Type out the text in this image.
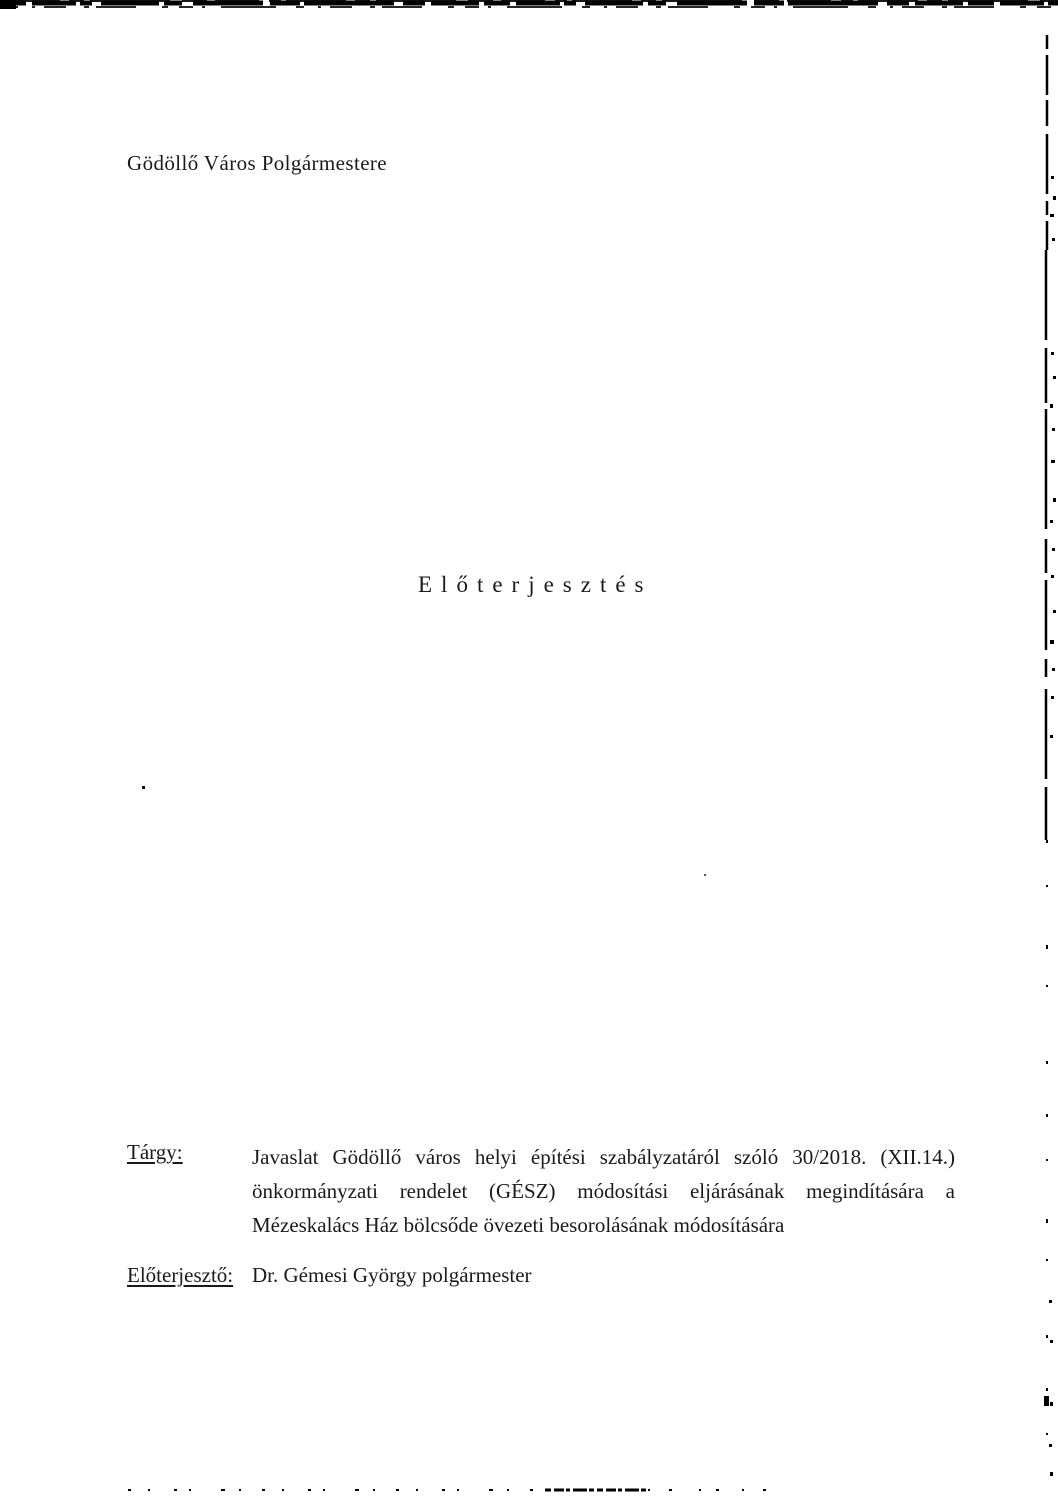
Gödöllő Város Polgármestere
Előterjesztés
Tárgy:	Javaslat Gödöllő város helyi építési szabályzatáról szóló 30/2018. (XII.14.)
önkormányzati rendelet (GÉSZ) módosítási eljárásának megindítására a
Mézeskalács Ház bölcsőde övezeti besorolásának módosítására
Előterjesztő: Dr. Gémesi György polgármester
